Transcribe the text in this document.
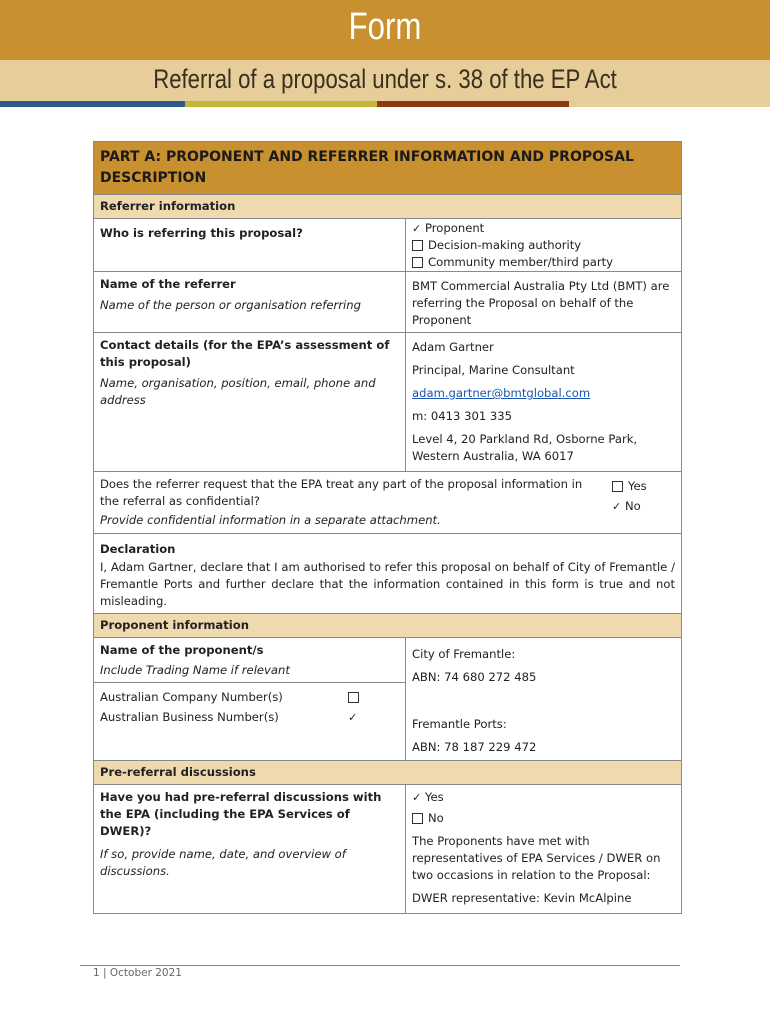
Form
Referral of a proposal under s. 38 of the EP Act
PART A: PROPONENT AND REFERRER INFORMATION AND PROPOSAL DESCRIPTION
Referrer information
Who is referring this proposal?	✓ Proponent
Decision-making authority
Community member/third party
Name of the referrer
Name of the person or organisation referring
BMT Commercial Australia Pty Ltd (BMT) are referring the Proposal on behalf of the Proponent
Contact details (for the EPA’s assessment of this proposal)
Name, organisation, position, email, phone and address
Adam Gartner
Principal, Marine Consultant
adam.gartner@bmtglobal.com
m: 0413 301 335
Level 4, 20 Parkland Rd, Osborne Park, Western Australia, WA 6017
Does the referrer request that the EPA treat any part of the proposal information in the referral as confidential?
Provide confidential information in a separate attachment.
Yes
✓ No
Declaration
I, Adam Gartner, declare that I am authorised to refer this proposal on behalf of City of Fremantle / Fremantle Ports and further declare that the information contained in this form is true and not misleading.
Proponent information
Name of the proponent/s
Include Trading Name if relevant
Australian Company Number(s)
Australian Business Number(s)	✓
City of Fremantle:
ABN: 74 680 272 485
Fremantle Ports:
ABN: 78 187 229 472
Pre-referral discussions
Have you had pre-referral discussions with the EPA (including the EPA Services of DWER)?
If so, provide name, date, and overview of discussions.
✓ Yes
No
The Proponents have met with representatives of EPA Services / DWER on two occasions in relation to the Proposal:
DWER representative: Kevin McAlpine
1 | October 2021
